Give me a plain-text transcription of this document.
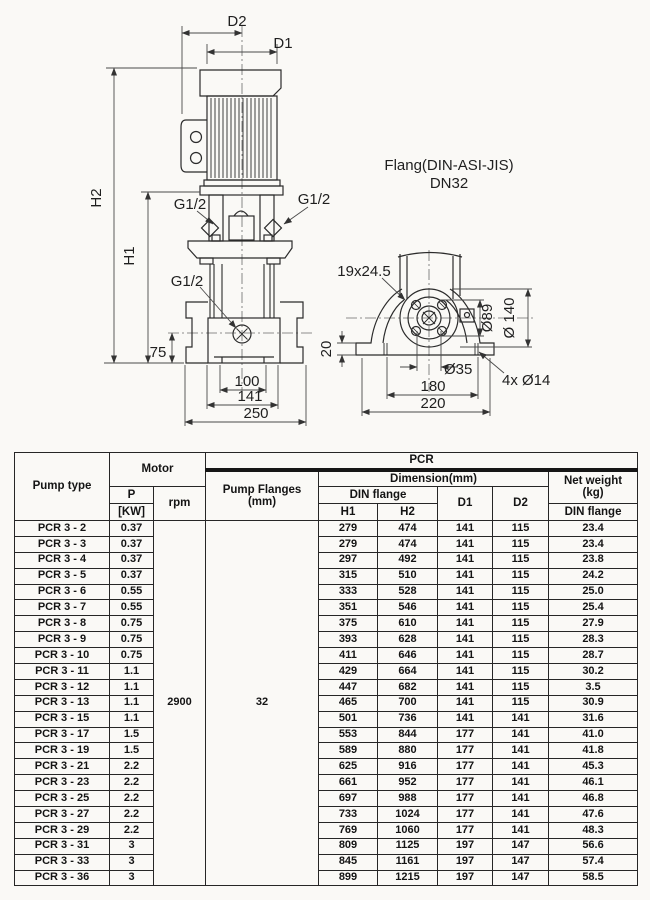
D2
D1
H2
H1
G1/2	G1/2
G1/2
75
100
141
250
Flang(DIN-ASI-JIS)
DN32
19x24.5
Ø89 Ø 140
20
Ø35
180
220
4x Ø14
Pump type	Motor		PCR					

Pump Flanges
(mm)
	Dimension(mm)	Net weight
(kg)

	P	rpm		DIN flange		D1	D2	
	[KW]			H1	H2			DIN flange
PCR 3 - 2	0.37	2900	32	279	474	141	115	23.4
PCR 3 - 3	0.37			279	474	141	115	23.4
PCR 3 - 4	0.37			297	492	141	115	23.8
PCR 3 - 5	0.37			315	510	141	115	24.2
PCR 3 - 6	0.55			333	528	141	115	25.0
PCR 3 - 7	0.55			351	546	141	115	25.4
PCR 3 - 8	0.75			375	610	141	115	27.9
PCR 3 - 9	0.75			393	628	141	115	28.3
PCR 3 - 10	0.75			411	646	141	115	28.7
PCR 3 - 11	1.1			429	664	141	115	30.2
PCR 3 - 12	1.1			447	682	141	115	3.5
PCR 3 - 13	1.1			465	700	141	115	30.9
PCR 3 - 15	1.1			501	736	141	141	31.6
PCR 3 - 17	1.5			553	844	177	141	41.0
PCR 3 - 19	1.5			589	880	177	141	41.8
PCR 3 - 21	2.2			625	916	177	141	45.3
PCR 3 - 23	2.2			661	952	177	141	46.1
PCR 3 - 25	2.2			697	988	177	141	46.8
PCR 3 - 27	2.2			733	1024	177	141	47.6
PCR 3 - 29	2.2			769	1060	177	141	48.3
PCR 3 - 31	3			809	1125	197	147	56.6
PCR 3 - 33	3			845	1161	197	147	57.4
PCR 3 - 36	3			899	1215	197	147	58.5
